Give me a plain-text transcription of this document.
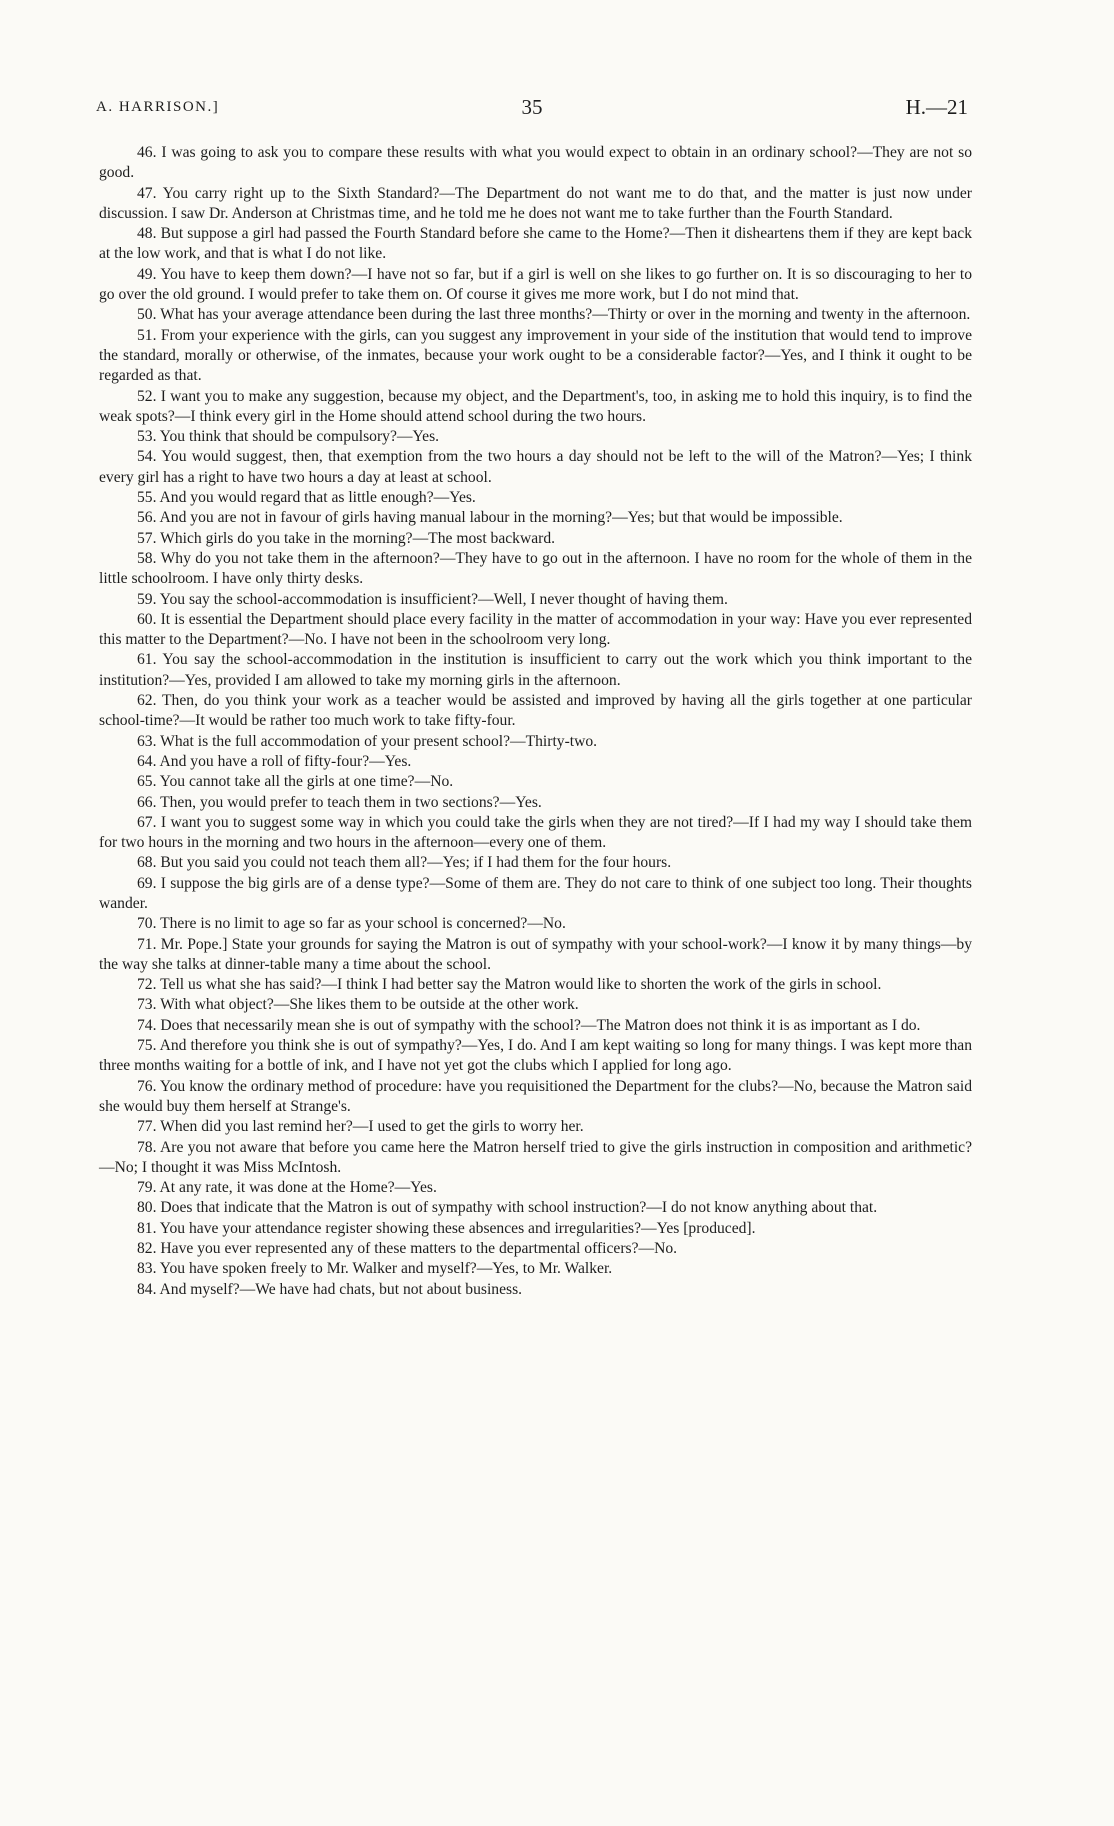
A. HARRISON.]	35	H.—21

46. I was going to ask you to compare these results with what you would expect to obtain in an ordinary school?—They are not so good.

47. You carry right up to the Sixth Standard?—The Department do not want me to do that, and the matter is just now under discussion. I saw Dr. Anderson at Christmas time, and he told me he does not want me to take further than the Fourth Standard.

48. But suppose a girl had passed the Fourth Standard before she came to the Home?—Then it disheartens them if they are kept back at the low work, and that is what I do not like.

49. You have to keep them down?—I have not so far, but if a girl is well on she likes to go further on. It is so discouraging to her to go over the old ground. I would prefer to take them on. Of course it gives me more work, but I do not mind that.

50. What has your average attendance been during the last three months?—Thirty or over in the morning and twenty in the afternoon.

51. From your experience with the girls, can you suggest any improvement in your side of the institution that would tend to improve the standard, morally or otherwise, of the inmates, because your work ought to be a considerable factor?—Yes, and I think it ought to be regarded as that.

52. I want you to make any suggestion, because my object, and the Department's, too, in asking me to hold this inquiry, is to find the weak spots?—I think every girl in the Home should attend school during the two hours.

53. You think that should be compulsory?—Yes.

54. You would suggest, then, that exemption from the two hours a day should not be left to the will of the Matron?—Yes; I think every girl has a right to have two hours a day at least at school.

55. And you would regard that as little enough?—Yes.

56. And you are not in favour of girls having manual labour in the morning?—Yes; but that would be impossible.

57. Which girls do you take in the morning?—The most backward.

58. Why do you not take them in the afternoon?—They have to go out in the afternoon. I have no room for the whole of them in the little schoolroom. I have only thirty desks.

59. You say the school-accommodation is insufficient?—Well, I never thought of having them.

60. It is essential the Department should place every facility in the matter of accommodation in your way: Have you ever represented this matter to the Department?—No. I have not been in the schoolroom very long.

61. You say the school-accommodation in the institution is insufficient to carry out the work which you think important to the institution?—Yes, provided I am allowed to take my morning girls in the afternoon.

62. Then, do you think your work as a teacher would be assisted and improved by having all the girls together at one particular school-time?—It would be rather too much work to take fifty-four.

63. What is the full accommodation of your present school?—Thirty-two.

64. And you have a roll of fifty-four?—Yes.

65. You cannot take all the girls at one time?—No.

66. Then, you would prefer to teach them in two sections?—Yes.

67. I want you to suggest some way in which you could take the girls when they are not tired?—If I had my way I should take them for two hours in the morning and two hours in the afternoon—every one of them.

68. But you said you could not teach them all?—Yes; if I had them for the four hours.

69. I suppose the big girls are of a dense type?—Some of them are. They do not care to think of one subject too long. Their thoughts wander.

70. There is no limit to age so far as your school is concerned?—No.

71. Mr. Pope.] State your grounds for saying the Matron is out of sympathy with your school-work?—I know it by many things—by the way she talks at dinner-table many a time about the school.

72. Tell us what she has said?—I think I had better say the Matron would like to shorten the work of the girls in school.

73. With what object?—She likes them to be outside at the other work.

74. Does that necessarily mean she is out of sympathy with the school?—The Matron does not think it is as important as I do.

75. And therefore you think she is out of sympathy?—Yes, I do. And I am kept waiting so long for many things. I was kept more than three months waiting for a bottle of ink, and I have not yet got the clubs which I applied for long ago.

76. You know the ordinary method of procedure: have you requisitioned the Department for the clubs?—No, because the Matron said she would buy them herself at Strange's.

77. When did you last remind her?—I used to get the girls to worry her.

78. Are you not aware that before you came here the Matron herself tried to give the girls instruction in composition and arithmetic?—No; I thought it was Miss McIntosh.

79. At any rate, it was done at the Home?—Yes.

80. Does that indicate that the Matron is out of sympathy with school instruction?—I do not know anything about that.

81. You have your attendance register showing these absences and irregularities?—Yes [produced].

82. Have you ever represented any of these matters to the departmental officers?—No.

83. You have spoken freely to Mr. Walker and myself?—Yes, to Mr. Walker.

84. And myself?—We have had chats, but not about business.
